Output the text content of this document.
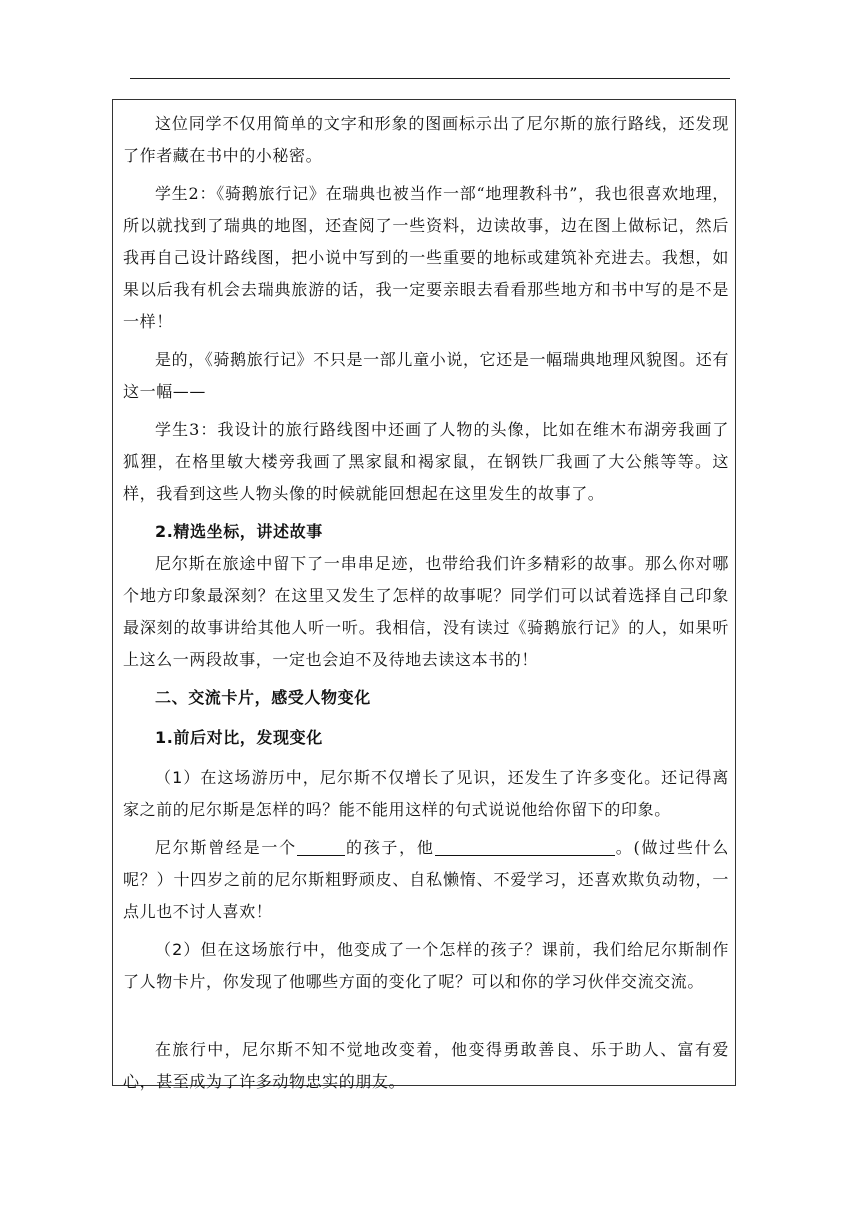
这位同学不仅用简单的文字和形象的图画标示出了尼尔斯的旅行路线，还发现了作者藏在书中的小秘密。

学生2：《骑鹅旅行记》在瑞典也被当作一部“地理教科书”，我也很喜欢地理，所以就找到了瑞典的地图，还查阅了一些资料，边读故事，边在图上做标记，然后我再自己设计路线图，把小说中写到的一些重要的地标或建筑补充进去。我想，如果以后我有机会去瑞典旅游的话，我一定要亲眼去看看那些地方和书中写的是不是一样！

是的，《骑鹅旅行记》不只是一部儿童小说，它还是一幅瑞典地理风貌图。还有这一幅——

学生3：我设计的旅行路线图中还画了人物的头像，比如在维木布湖旁我画了狐狸，在格里敏大楼旁我画了黑家鼠和褐家鼠，在钢铁厂我画了大公熊等等。这样，我看到这些人物头像的时候就能回想起在这里发生的故事了。

2.精选坐标，讲述故事

尼尔斯在旅途中留下了一串串足迹，也带给我们许多精彩的故事。那么你对哪个地方印象最深刻？在这里又发生了怎样的故事呢？同学们可以试着选择自己印象最深刻的故事讲给其他人听一听。我相信，没有读过《骑鹅旅行记》的人，如果听上这么一两段故事，一定也会迫不及待地去读这本书的！

二、交流卡片，感受人物变化

1.前后对比，发现变化

（1）在这场游历中，尼尔斯不仅增长了见识，还发生了许多变化。还记得离家之前的尼尔斯是怎样的吗？能不能用这样的句式说说他给你留下的印象。

尼尔斯曾经是一个	的孩子，他	。(做过些什么呢？）十四岁之前的尼尔斯粗野顽皮、自私懒惰、不爱学习，还喜欢欺负动物，一点儿也不讨人喜欢！

（2）但在这场旅行中，他变成了一个怎样的孩子？课前，我们给尼尔斯制作了人物卡片，你发现了他哪些方面的变化了呢？可以和你的学习伙伴交流交流。

在旅行中，尼尔斯不知不觉地改变着，他变得勇敢善良、乐于助人、富有爱心，甚至成为了许多动物忠实的朋友。
